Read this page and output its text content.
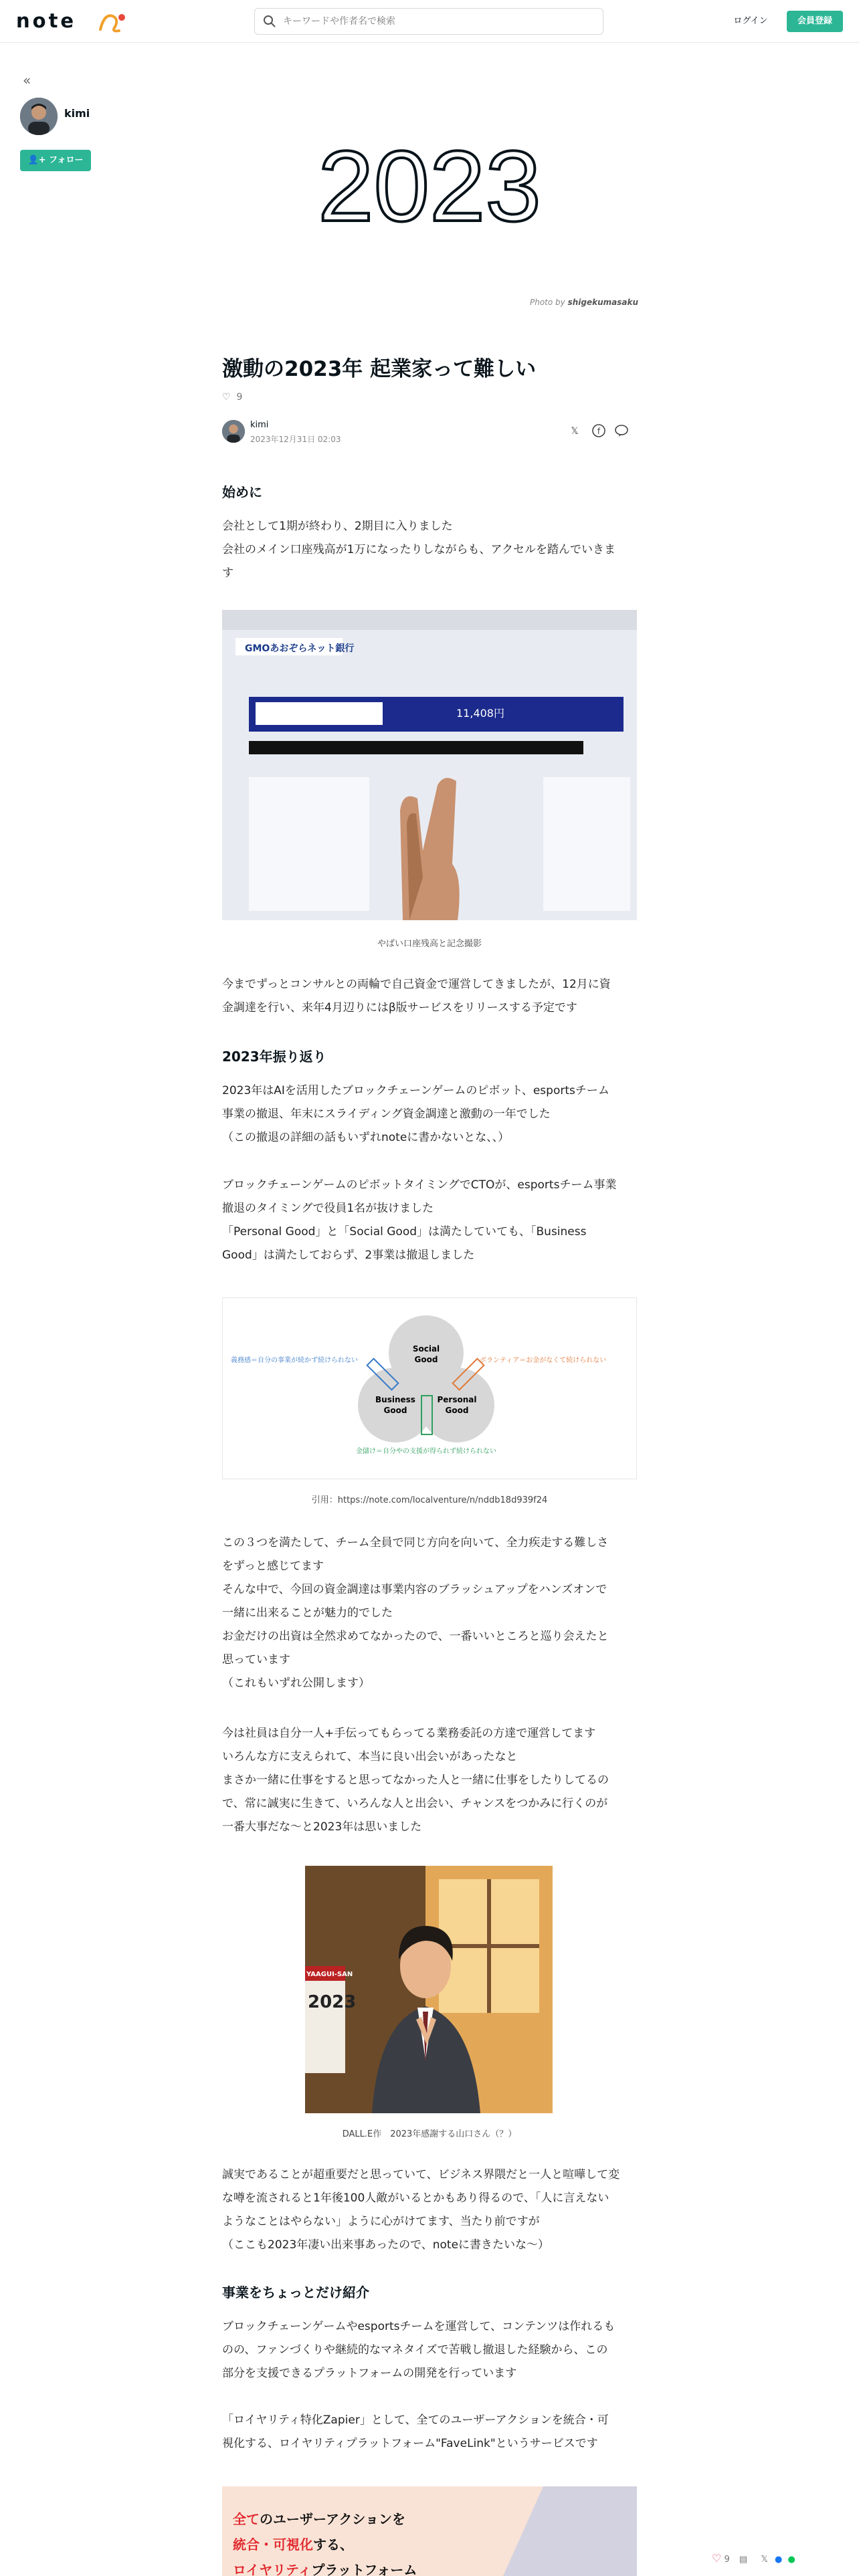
note
キーワードや作者名で検索	ログイン	会員登録
«
kimi
👤+ フォロー 2023
Photo by shigekumasaku
激動の2023年 起業家って難しい
♡ 9
kimi
2023年12月31日 02:03
𝕏	f
始めに
会社として1期が終わり、2期目に入りました
会社のメイン口座残高が1万になったりしながらも、アクセルを踏んでいきま
す
GMOあおぞらネット銀行
11,408円
やばい口座残高と記念撮影
今までずっとコンサルとの両輪で自己資金で運営してきましたが、12月に資
金調達を行い、来年4月辺りにはβ版サービスをリリースする予定です
2023年振り返り
2023年はAIを活用したブロックチェーンゲームのピボット、esportsチーム
事業の撤退、年末にスライディング資金調達と激動の一年でした
（この撤退の詳細の話もいずれnoteに書かないとな、、）
ブロックチェーンゲームのピボットタイミングでCTOが、esportsチーム事業
撤退のタイミングで役員1名が抜けました
「Personal Good」と「Social Good」は満たしていても、「Business
Good」は満たしておらず、2事業は撤退しました
Social
Good
Business
Good
Personal
Good
義務感＝自分の事業が続かず続けられない	ボランティア＝お金がなくて続けられない
金儲け＝自分やの支援が得られず続けられない
引用：https://note.com/localventure/n/nddb18d939f24
この３つを満たして、チーム全員で同じ方向を向いて、全力疾走する難しさ
をずっと感じてます
そんな中で、今回の資金調達は事業内容のブラッシュアップをハンズオンで
一緒に出来ることが魅力的でした
お金だけの出資は全然求めてなかったので、一番いいところと巡り会えたと
思っています
（これもいずれ公開します）
今は社員は自分一人+手伝ってもらってる業務委託の方達で運営してます
いろんな方に支えられて、本当に良い出会いがあったなと
まさか一緒に仕事をすると思ってなかった人と一緒に仕事をしたりしてるの
で、常に誠実に生きて、いろんな人と出会い、チャンスをつかみに行くのが
一番大事だな〜と2023年は思いました
YAAGUI-SAN
2023
DALL.E作　2023年感謝する山口さん（？）
誠実であることが超重要だと思っていて、ビジネス界隈だと一人と喧嘩して変
な噂を流されると1年後100人敵がいるとかもあり得るので、「人に言えない
ようなことはやらない」ように心がけてます、当たり前ですが
（ここも2023年凄い出来事あったので、noteに書きたいな〜）
事業をちょっとだけ紹介
ブロックチェーンゲームやesportsチームを運営して、コンテンツは作れるも
のの、ファンづくりや継続的なマネタイズで苦戦し撤退した経験から、この
部分を支援できるプラットフォームの開発を行っています
「ロイヤリティ特化Zapier」として、全てのユーザーアクションを統合・可
視化する、ロイヤリティプラットフォーム"FaveLink"というサービスです
全てのユーザーアクションを
統合・可視化する、
ロイヤリティプラットフォーム
♡ 9 ▤ 𝕏 ● ●
